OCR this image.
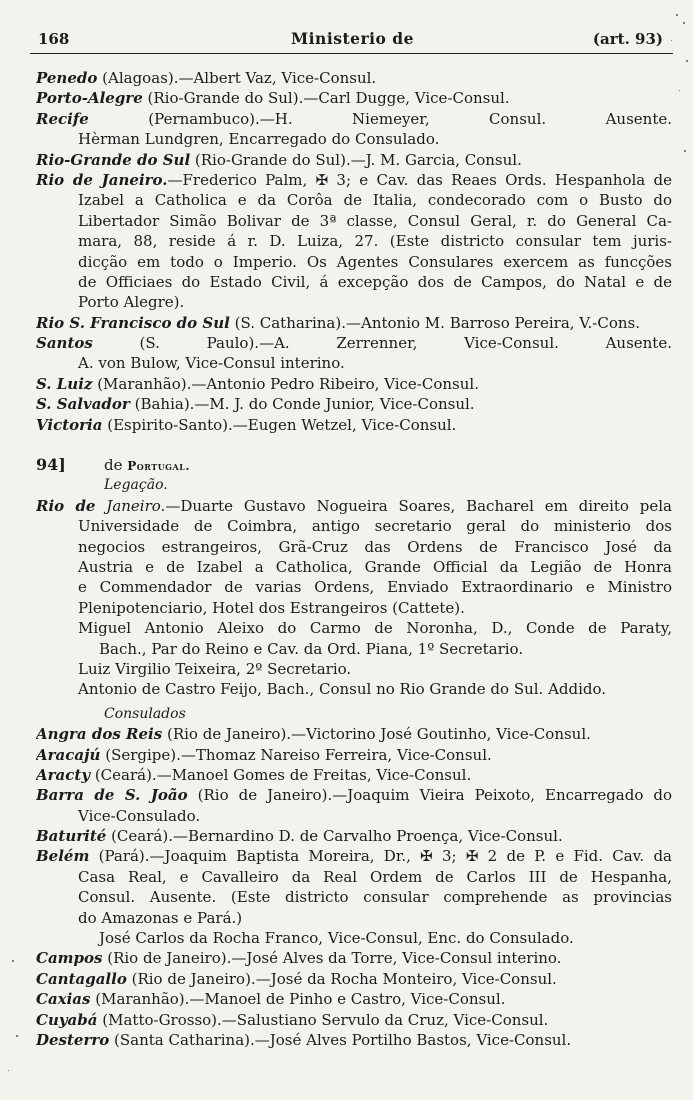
168	Ministerio de	(art. 93)
Penedo (Alagoas).—Albert Vaz, Vice-Consul.
Porto-Alegre (Rio-Grande do Sul).—Carl Dugge, Vice-Consul.
Recife (Pernambuco).—H. Niemeyer, Consul. Ausente.
Hèrman Lundgren, Encarregado do Consulado.
Rio-Grande do Sul (Rio-Grande do Sul).—J. M. Garcia, Consul.
Rio de Janeiro.—Frederico Palm, ✠ 3; e Cav. das Reaes Ords. Hespanhola de
Izabel a Catholica e da Corôa de Italia, condecorado com o Busto do
Libertador Simão Bolivar de 3ª classe, Consul Geral, r. do General Ca-
mara, 88, reside á r. D. Luiza, 27. (Este districto consular tem juris-
dicção em todo o Imperio. Os Agentes Consulares exercem as funcções
de Officiaes do Estado Civil, á excepção dos de Campos, do Natal e de
Porto Alegre).
Rio S. Francisco do Sul (S. Catharina).—Antonio M. Barroso Pereira, V.-Cons.
Santos (S. Paulo).—A. Zerrenner, Vice-Consul. Ausente.
A. von Bulow, Vice-Consul interino.
S. Luiz (Maranhão).—Antonio Pedro Ribeiro, Vice-Consul.
S. Salvador (Bahia).—M. J. do Conde Junior, Vice-Consul.
Victoria (Espirito-Santo).—Eugen Wetzel, Vice-Consul.
94]	de Portugal.
Legação.
Rio de Janeiro.—Duarte Gustavo Nogueira Soares, Bacharel em direito pela
Universidade de Coimbra, antigo secretario geral do ministerio dos
negocios estrangeiros, Grã-Cruz das Ordens de Francisco José da
Austria e de Izabel a Catholica, Grande Official da Legião de Honra
e Commendador de varias Ordens, Enviado Extraordinario e Ministro
Plenipotenciario, Hotel dos Estrangeiros (Cattete).
Miguel Antonio Aleixo do Carmo de Noronha, D., Conde de Paraty,
Bach., Par do Reino e Cav. da Ord. Piana, 1º Secretario.
Luiz Virgilio Teixeira, 2º Secretario.
Antonio de Castro Feijo, Bach., Consul no Rio Grande do Sul. Addido.
Consulados
Angra dos Reis (Rio de Janeiro).—Victorino José Goutinho, Vice-Consul.
Aracajú (Sergipe).—Thomaz Nareiso Ferreira, Vice-Consul.
Aracty (Ceará).—Manoel Gomes de Freitas, Vice-Consul.
Barra de S. João (Rio de Janeiro).—Joaquim Vieira Peixoto, Encarregado do
Vice-Consulado.
Baturité (Ceará).—Bernardino D. de Carvalho Proença, Vice-Consul.
Belém (Pará).—Joaquim Baptista Moreira, Dr., ✠ 3; ✠ 2 de P. e Fid. Cav. da
Casa Real, e Cavalleiro da Real Ordem de Carlos III de Hespanha,
Consul. Ausente. (Este districto consular comprehende as provincias
do Amazonas e Pará.)
José Carlos da Rocha Franco, Vice-Consul, Enc. do Consulado.
Campos (Rio de Janeiro).—José Alves da Torre, Vice-Consul interino.
Cantagallo (Rio de Janeiro).—José da Rocha Monteiro, Vice-Consul.
Caxias (Maranhão).—Manoel de Pinho e Castro, Vice-Consul.
Cuyabá (Matto-Grosso).—Salustiano Servulo da Cruz, Vice-Consul.
Desterro (Santa Catharina).—José Alves Portilho Bastos, Vice-Consul.
